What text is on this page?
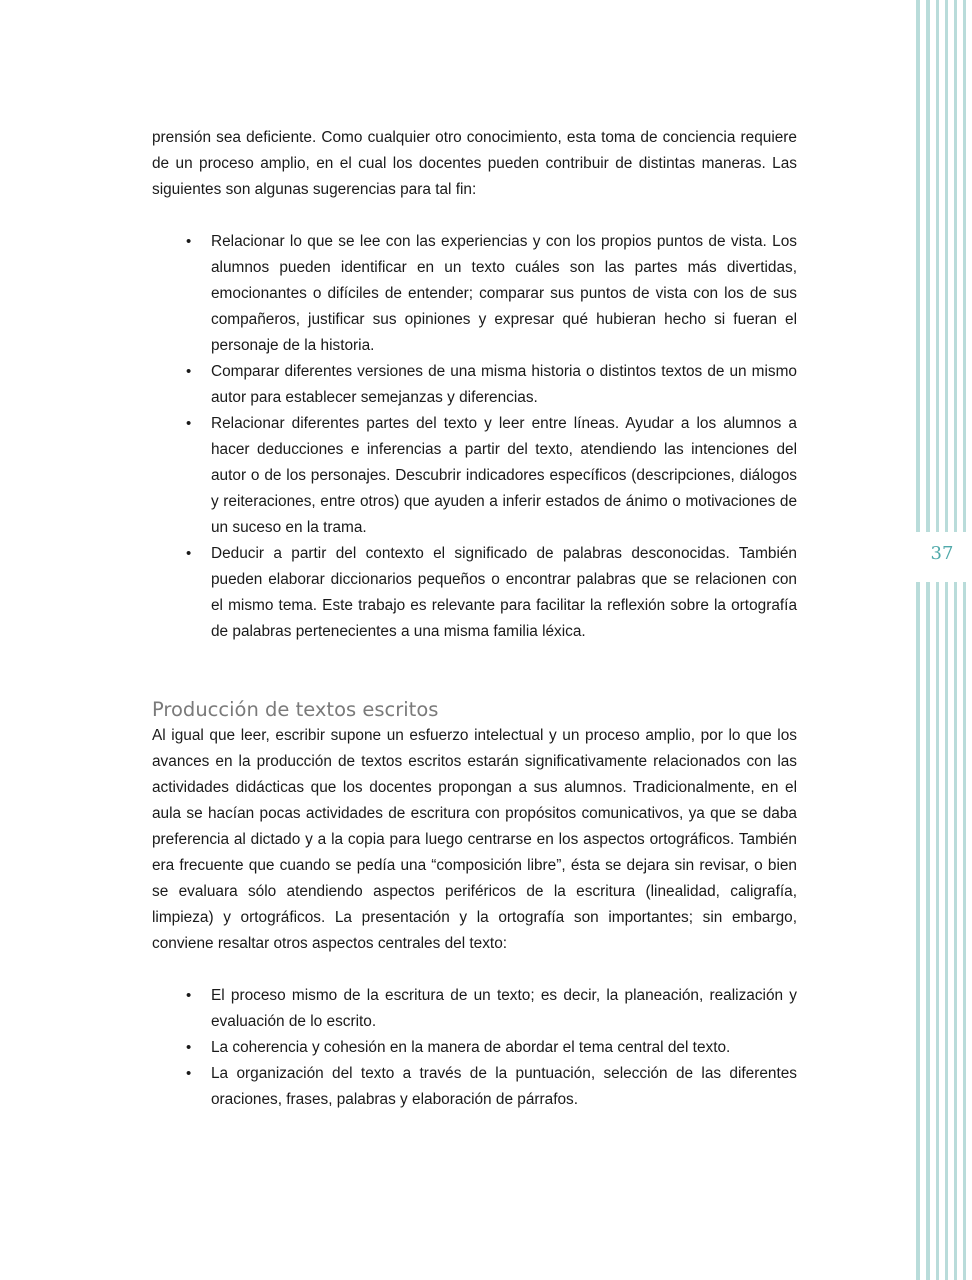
prensión sea deficiente. Como cualquier otro conocimiento, esta toma de conciencia requiere de un proceso amplio, en el cual los docentes pueden contribuir de distintas maneras. Las siguientes son algunas sugerencias para tal fin:

• Relacionar lo que se lee con las experiencias y con los propios puntos de vista. Los alumnos pueden identificar en un texto cuáles son las partes más divertidas, emocionantes o difíciles de entender; comparar sus puntos de vista con los de sus compañeros, justificar sus opiniones y expresar qué hubieran hecho si fueran el personaje de la historia.
• Comparar diferentes versiones de una misma historia o distintos textos de un mismo autor para establecer semejanzas y diferencias.
• Relacionar diferentes partes del texto y leer entre líneas. Ayudar a los alumnos a hacer deducciones e inferencias a partir del texto, atendiendo las intenciones del autor o de los personajes. Descubrir indicadores específicos (descripciones, diálogos y reiteraciones, entre otros) que ayuden a inferir estados de ánimo o motivaciones de un suceso en la trama.
• Deducir a partir del contexto el significado de palabras desconocidas. También pueden elaborar diccionarios pequeños o encontrar palabras que se relacionen con el mismo tema. Este trabajo es relevante para facilitar la reflexión sobre la ortografía de palabras pertenecientes a una misma familia léxica.
Producción de textos escritos

Al igual que leer, escribir supone un esfuerzo intelectual y un proceso amplio, por lo que los avances en la producción de textos escritos estarán significativamente relacionados con las actividades didácticas que los docentes propongan a sus alumnos. Tradicionalmente, en el aula se hacían pocas actividades de escritura con propósitos comunicativos, ya que se daba preferencia al dictado y a la copia para luego centrarse en los aspectos ortográficos. También era frecuente que cuando se pedía una “composición libre”, ésta se dejara sin revisar, o bien se evaluara sólo atendiendo aspectos periféricos de la escritura (linealidad, caligrafía, limpieza) y ortográficos. La presentación y la ortografía son importantes; sin embargo, conviene resaltar otros aspectos centrales del texto:

• El proceso mismo de la escritura de un texto; es decir, la planeación, realización y evaluación de lo escrito.
• La coherencia y cohesión en la manera de abordar el tema central del texto.
• La organización del texto a través de la puntuación, selección de las diferentes oraciones, frases, palabras y elaboración de párrafos.
37
